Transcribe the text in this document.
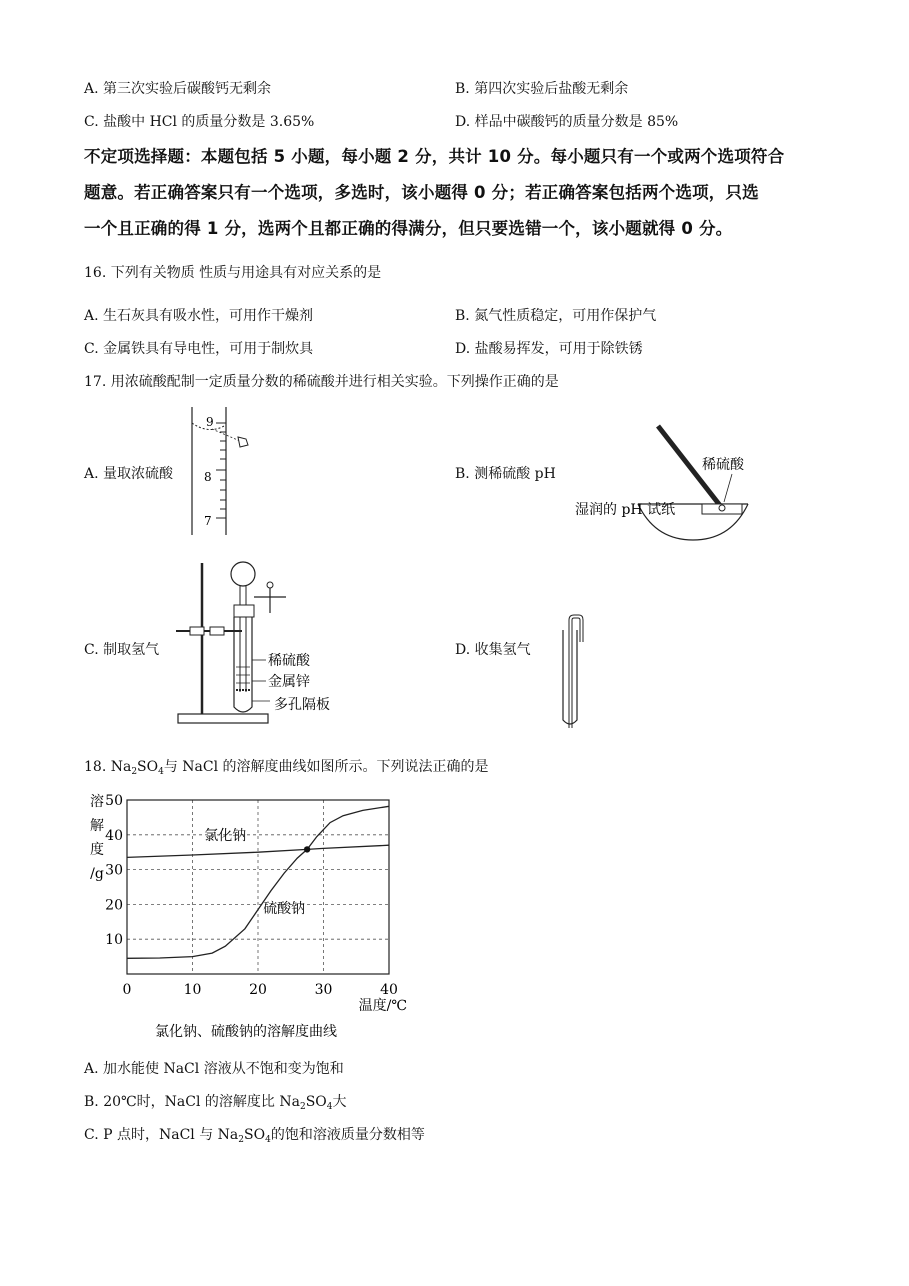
A. 第三次实验后碳酸钙无剩余	B. 第四次实验后盐酸无剩余
C. 盐酸中 HCl 的质量分数是 3.65%	D. 样品中碳酸钙的质量分数是 85%
不定项选择题：本题包括 5 小题，每小题 2 分，共计 10 分。每小题只有一个或两个选项符合
题意。若正确答案只有一个选项，多选时，该小题得 0 分；若正确答案包括两个选项，只选
一个且正确的得 1 分，选两个且都正确的得满分，但只要选错一个，该小题就得 0 分。
16. 下列有关物质 性质与用途具有对应关系的是
A. 生石灰具有吸水性，可用作干燥剂	B. 氮气性质稳定，可用作保护气
C. 金属铁具有导电性，可用于制炊具	D. 盐酸易挥发，可用于除铁锈
17. 用浓硫酸配制一定质量分数的稀硫酸并进行相关实验。下列操作正确的是
A. 量取浓硫酸	B. 测稀硫酸 pH
C. 制取氢气	D. 收集氢气
9
8
7
稀硫酸
湿润的 pH 试纸
稀硫酸
金属锌
多孔隔板
18. $Na_2SO_4$与 NaCl 的溶解度曲线如图所示。下列说法正确的是
溶
解
度
/g
10
20
30
40
50
0	10	20	30	40
温度/℃
氯化钠、硫酸钠的溶解度曲线
氯化钠
硫酸钠
A. 加水能使 NaCl 溶液从不饱和变为饱和
B. 20℃时，NaCl 的溶解度比 $Na_2SO_4$大
C. P 点时，NaCl 与 $Na_2SO_4$的饱和溶液质量分数相等
